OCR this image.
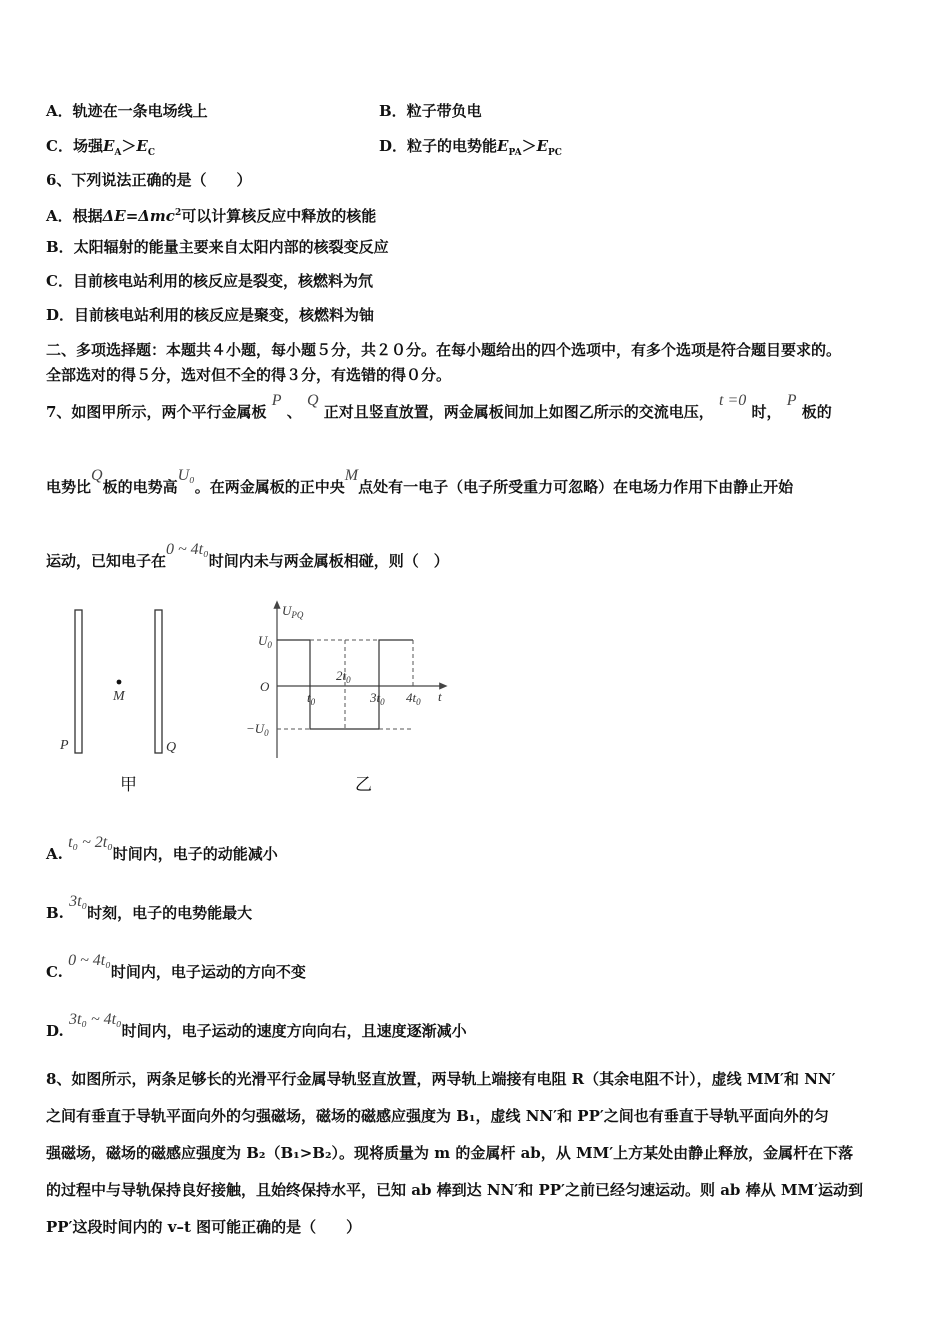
A．轨迹在一条电场线上	B．粒子带负电
C．场强$E_A>E_C$	D．粒子的电势能$E_{PA}>E_{PC}$
6、下列说法正确的是（　　）
A．根据ΔE=Δmc$^2$可以计算核反应中释放的核能
B．太阳辐射的能量主要来自太阳内部的核裂变反应
C．目前核电站利用的核反应是裂变，核燃料为氘
D．目前核电站利用的核反应是聚变，核燃料为铀
二、多项选择题：本题共４小题，每小题５分，共２０分。在每小题给出的四个选项中，有多个选项是符合题目要求的。
全部选对的得５分，选对但不全的得３分，有选错的得０分。
7、如图甲所示，两个平行金属板 P 、 Q 正对且竖直放置，两金属板间加上如图乙所示的交流电压， t =0 时， P 板的
电势比Q板的电势高U₀。在两金属板的正中央M点处有一电子（电子所受重力可忽略）在电场力作用下由静止开始
运动，已知电子在0 ~ 4t₀时间内未与两金属板相碰，则（　）
M
P	Q
甲
$U_{PQ}$
t
O
$U_0$
$-U_0$
$2t_0$
$t_0$	$3t_0$ $4t_0$
乙
A. t₀ ~ 2t₀时间内，电子的动能减小
B. 3t₀时刻，电子的电势能最大
C. 0 ~ 4t₀时间内，电子运动的方向不变
D. 3t₀ ~ 4t₀时间内，电子运动的速度方向向右，且速度逐渐减小
8、如图所示，两条足够长的光滑平行金属导轨竖直放置，两导轨上端接有电阻 R（其余电阻不计），虚线 MM′和 NN′
之间有垂直于导轨平面向外的匀强磁场，磁场的磁感应强度为 B₁，虚线 NN′和 PP′之间也有垂直于导轨平面向外的匀
强磁场，磁场的磁感应强度为 B₂（B₁>B₂）。现将质量为 m 的金属杆 ab，从 MM′上方某处由静止释放，金属杆在下落
的过程中与导轨保持良好接触，且始终保持水平，已知 ab 棒到达 NN′和 PP′之前已经匀速运动。则 ab 棒从 MM′运动到
PP′这段时间内的 v–t 图可能正确的是（　　）
